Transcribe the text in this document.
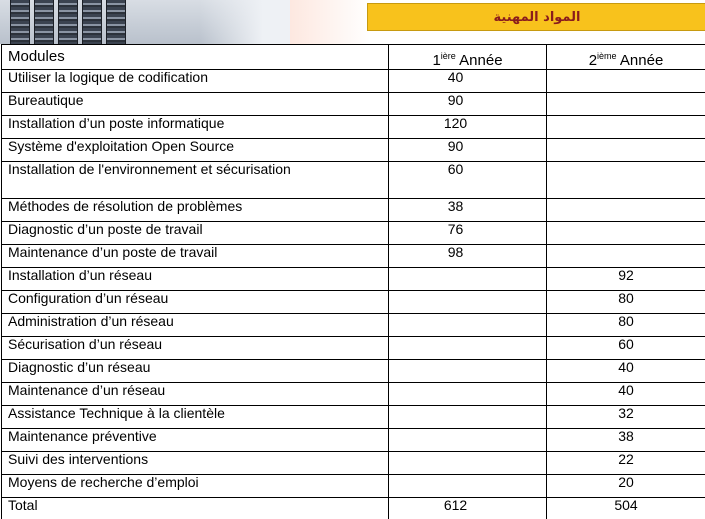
المواد المهنية
Modules	$1^{ière}$ Année	2ième Année
Utiliser la logique de codification	40	
Bureautique	90	
Installation d’un poste informatique	120	
Système d'exploitation Open Source	90	
Installation de l'environnement et sécurisation	60	
Méthodes de résolution de problèmes	38	
Diagnostic d’un poste de travail	76	
Maintenance d’un poste de travail	98	
Installation d’un réseau		92
Configuration d’un réseau		80
Administration d’un réseau		80
Sécurisation d’un réseau		60
Diagnostic d’un réseau		40
Maintenance d’un réseau		40
Assistance Technique à la clientèle		32
Maintenance préventive		38
Suivi des interventions		22
Moyens de recherche d’emploi		20
Total	612	504
